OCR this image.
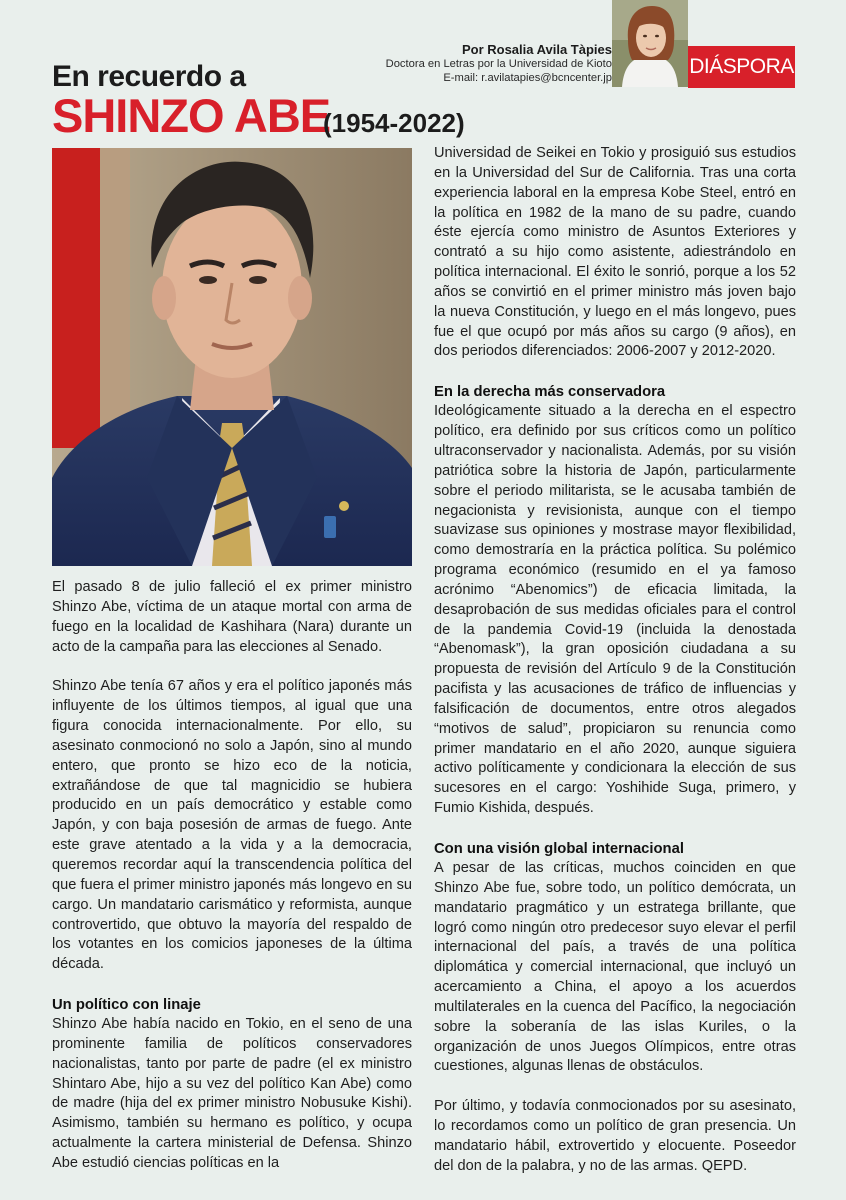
En recuerdo a
SHINZO ABE
(1954-2022)
Por Rosalia Avila Tàpies
Doctora en Letras por la Universidad de Kioto
E-mail: r.avilatapies@bcncenter.jp	DIÁSPORA

El pasado 8 de julio falleció el ex primer ministro Shinzo Abe, víctima de un ataque mortal con arma de fuego en la localidad de Kashihara (Nara) durante un acto de la campaña para las elecciones al Senado.

Shinzo Abe tenía 67 años y era el político japonés más influyente de los últimos tiempos, al igual que una figura conocida internacionalmente. Por ello, su asesinato conmocionó no solo a Japón, sino al mundo entero, que pronto se hizo eco de la noticia, extrañándose de que tal magnicidio se hubiera producido en un país democrático y estable como Japón, y con baja posesión de armas de fuego. Ante este grave atentado a la vida y a la democracia, queremos recordar aquí la transcendencia política del que fuera el primer ministro japonés más longevo en su cargo. Un mandatario carismático y reformista, aunque controvertido, que obtuvo la mayoría del respaldo de los votantes en los comicios japoneses de la última década.

Un político con linaje

Shinzo Abe había nacido en Tokio, en el seno de una prominente familia de políticos conservadores nacionalistas, tanto por parte de padre (el ex ministro Shintaro Abe, hijo a su vez del político Kan Abe) como de madre (hija del ex primer ministro Nobusuke Kishi). Asimismo, también su hermano es político, y ocupa actualmente la cartera ministerial de Defensa. Shinzo Abe estudió ciencias políticas en la

Universidad de Seikei en Tokio y prosiguió sus estudios en la Universidad del Sur de California. Tras una corta experiencia laboral en la empresa Kobe Steel, entró en la política en 1982 de la mano de su padre, cuando éste ejercía como ministro de Asuntos Exteriores y contrató a su hijo como asistente, adiestrándolo en política internacional. El éxito le sonrió, porque a los 52 años se convirtió en el primer ministro más joven bajo la nueva Constitución, y luego en el más longevo, pues fue el que ocupó por más años su cargo (9 años), en dos periodos diferenciados: 2006-2007 y 2012-2020.

En la derecha más conservadora

Ideológicamente situado a la derecha en el espectro político, era definido por sus críticos como un político ultraconservador y nacionalista. Además, por su visión patriótica sobre la historia de Japón, particularmente sobre el periodo militarista, se le acusaba también de negacionista y revisionista, aunque con el tiempo suavizase sus opiniones y mostrase mayor flexibilidad, como demostraría en la práctica política. Su polémico programa económico (resumido en el ya famoso acrónimo “Abenomics”) de eficacia limitada, la desaprobación de sus medidas oficiales para el control de la pandemia Covid-19 (incluida la denostada “Abenomask”), la gran oposición ciudadana a su propuesta de revisión del Artículo 9 de la Constitución pacifista y las acusaciones de tráfico de influencias y falsificación de documentos, entre otros alegados “motivos de salud”, propiciaron su renuncia como primer mandatario en el año 2020, aunque siguiera activo políticamente y condicionara la elección de sus sucesores en el cargo: Yoshihide Suga, primero, y Fumio Kishida, después.

Con una visión global internacional

A pesar de las críticas, muchos coinciden en que Shinzo Abe fue, sobre todo, un político demócrata, un mandatario pragmático y un estratega brillante, que logró como ningún otro predecesor suyo elevar el perfil internacional del país, a través de una política diplomática y comercial internacional, que incluyó un acercamiento a China, el apoyo a los acuerdos multilaterales en la cuenca del Pacífico, la negociación sobre la soberanía de las islas Kuriles, o la organización de unos Juegos Olímpicos, entre otras cuestiones, algunas llenas de obstáculos.

Por último, y todavía conmocionados por su asesinato, lo recordamos como un político de gran presencia. Un mandatario hábil, extrovertido y elocuente. Poseedor del don de la palabra, y no de las armas. QEPD.
